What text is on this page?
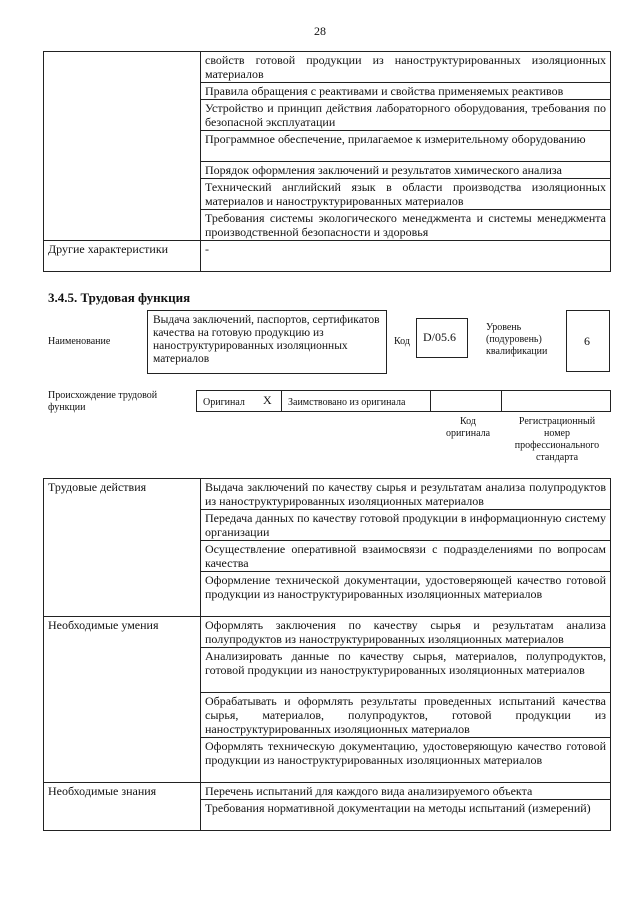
28
	свойств готовой продукции из наноструктурированных изоляционных материалов
	Правила обращения с реактивами и свойства применяемых реактивов
	Устройство и принцип действия лабораторного оборудования, требования по безопасной эксплуатации
	Программное обеспечение, прилагаемое к измерительному оборудованию
	Порядок оформления заключений и результатов химического анализа
	Технический английский язык в области производства изоляционных материалов и наноструктурированных материалов
	Требования системы экологического менеджмента и системы менеджмента производственной безопасности и здоровья
Другие характеристики	-
3.4.5. Трудовая функция
Наименование
Выдача заключений, паспортов, сертификатов качества на готовую продукцию из наноструктурированных изоляционных материалов
Код D/05.6
Уровень (подуровень) квалификации
6
Происхождение трудовой функции	Оригинал X Заимствовано из оригинала
Код оригинала
Регистрационный номер профессионального стандарта
Трудовые действия	Выдача заключений по качеству сырья и результатам анализа полупродуктов из наноструктурированных изоляционных материалов
	Передача данных по качеству готовой продукции в информационную систему организации
	Осуществление оперативной взаимосвязи с подразделениями по вопросам качества
	Оформление технической документации, удостоверяющей качество готовой продукции из наноструктурированных изоляционных материалов
Необходимые умения	Оформлять заключения по качеству сырья и результатам анализа полупродуктов из наноструктурированных изоляционных материалов
	Анализировать данные по качеству сырья, материалов, полупродуктов, готовой продукции из наноструктурированных изоляционных материалов
	Обрабатывать и оформлять результаты проведенных испытаний качества сырья, материалов, полупродуктов, готовой продукции из наноструктурированных изоляционных материалов
	Оформлять техническую документацию, удостоверяющую качество готовой продукции из наноструктурированных изоляционных материалов
Необходимые знания	Перечень испытаний для каждого вида анализируемого объекта
	Требования нормативной документации на методы испытаний (измерений)
